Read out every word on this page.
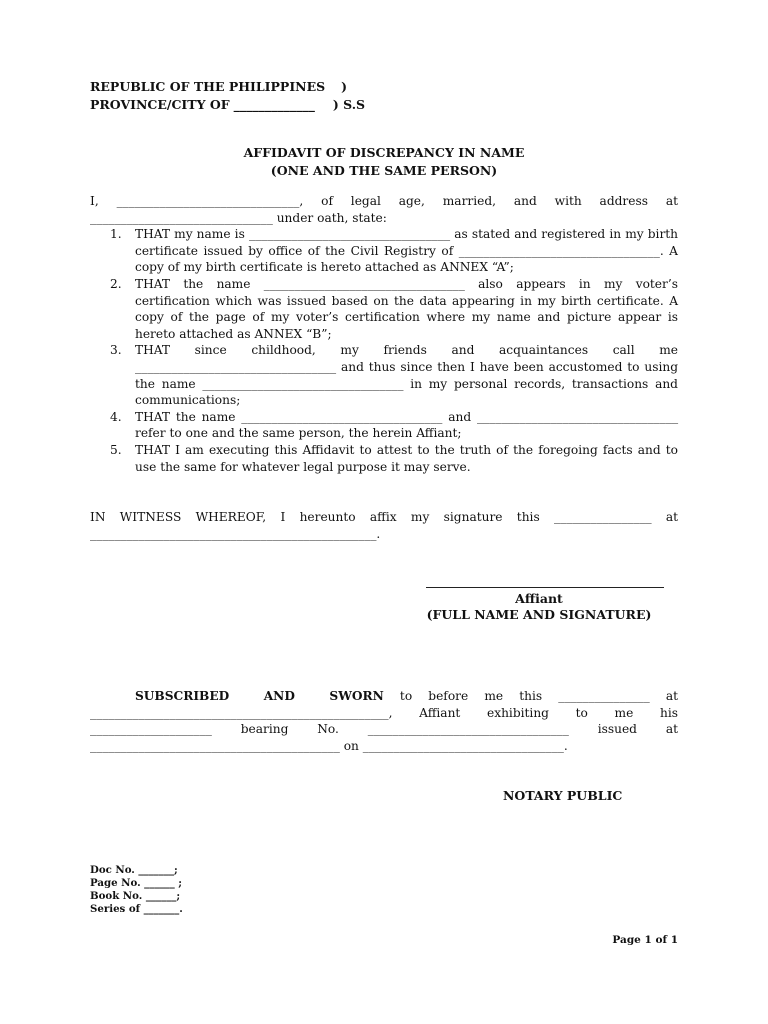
REPUBLIC OF THE PHILIPPINES )
PROVINCE/CITY OF _____________ ) S.S
AFFIDAVIT OF DISCREPANCY IN NAME
(ONE AND THE SAME PERSON)
I, ______________________________, of legal age, married, and with address at
______________________________ under oath, state:
1. THAT my name is _________________________________ as stated and registered in my birth certificate issued by office of the Civil Registry of _________________________________. A copy of my birth certificate is hereto attached as ANNEX “A”;
2. THAT the name _________________________________ also appears in my voter’s certification which was issued based on the data appearing in my birth certificate. A copy of the page of my voter’s certification where my name and picture appear is hereto attached as ANNEX “B”;
3. THAT since childhood, my friends and acquaintances call me _________________________________ and thus since then I have been accustomed to using the name _________________________________ in my personal records, transactions and communications;
4. THAT the name _________________________________ and _________________________________ refer to one and the same person, the herein Affiant;
5. THAT I am executing this Affidavit to attest to the truth of the foregoing facts and to use the same for whatever legal purpose it may serve.
IN WITNESS WHEREOF, I hereunto affix my signature this ________________ at
_______________________________________________.
Affiant
(FULL NAME AND SIGNATURE)
SUBSCRIBED AND SWORN to before me this _______________ at
_________________________________________________, Affiant exhibiting to me his
____________________ bearing No. _________________________________ issued at
_________________________________________ on _________________________________.
NOTARY PUBLIC
Doc No. _______;
Page No. ______ ;
Book No. ______;
Series of _______.
Page 1 of 1
